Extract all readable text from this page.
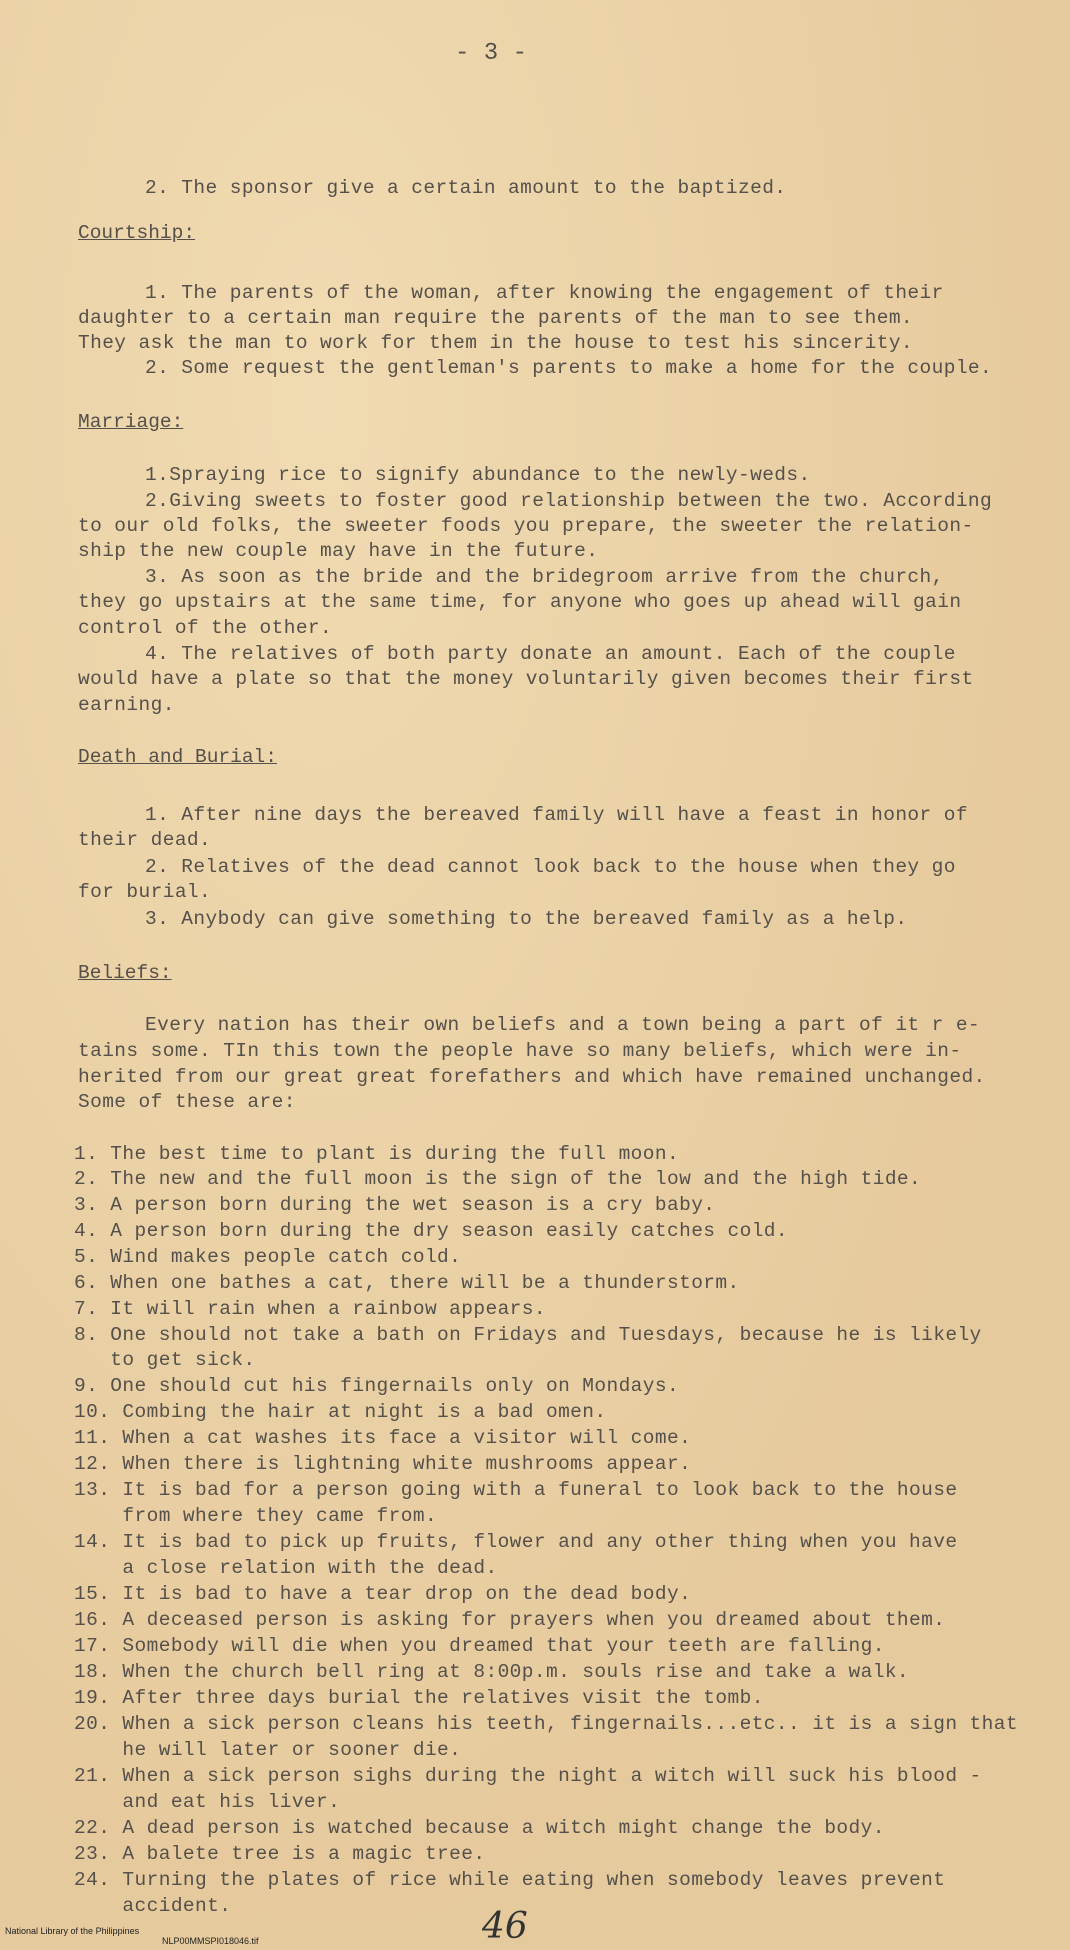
- 3 -
2. The sponsor give a certain amount to the baptized.
Courtship:
1. The parents of the woman, after knowing the engagement of their
daughter to a certain man require the parents of the man to see them.
They ask the man to work for them in the house to test his sincerity.
2. Some request the gentleman's parents to make a home for the couple.
Marriage:
1.Spraying rice to signify abundance to the newly-weds.
2.Giving sweets to foster good relationship between the two. According
to our old folks, the sweeter foods you prepare, the sweeter the relation-
ship the new couple may have in the future.
3. As soon as the bride and the bridegroom arrive from the church,
they go upstairs at the same time, for anyone who goes up ahead will gain
control of the other.
4. The relatives of both party donate an amount. Each of the couple
would have a plate so that the money voluntarily given becomes their first
earning.
Death and Burial:
1. After nine days the bereaved family will have a feast in honor of
their dead.
2. Relatives of the dead cannot look back to the house when they go
for burial.
3. Anybody can give something to the bereaved family as a help.
Beliefs:
Every nation has their own beliefs and a town being a part of it r e-
tains some. TIn this town the people have so many beliefs, which were in-
herited from our great great forefathers and which have remained unchanged.
Some of these are:
1. The best time to plant is during the full moon.
2. The new and the full moon is the sign of the low and the high tide.
3. A person born during the wet season is a cry baby.
4. A person born during the dry season easily catches cold.
5. Wind makes people catch cold.
6. When one bathes a cat, there will be a thunderstorm.
7. It will rain when a rainbow appears.
8. One should not take a bath on Fridays and Tuesdays, because he is likely
to get sick.
9. One should cut his fingernails only on Mondays.
10. Combing the hair at night is a bad omen.
11. When a cat washes its face a visitor will come.
12. When there is lightning white mushrooms appear.
13. It is bad for a person going with a funeral to look back to the house
from where they came from.
14. It is bad to pick up fruits, flower and any other thing when you have
a close relation with the dead.
15. It is bad to have a tear drop on the dead body.
16. A deceased person is asking for prayers when you dreamed about them.
17. Somebody will die when you dreamed that your teeth are falling.
18. When the church bell ring at 8:00p.m. souls rise and take a walk.
19. After three days burial the relatives visit the tomb.
20. When a sick person cleans his teeth, fingernails...etc.. it is a sign that
he will later or sooner die.
21. When a sick person sighs during the night a witch will suck his blood -
and eat his liver.
22. A dead person is watched because a witch might change the body.
23. A balete tree is a magic tree.
24. Turning the plates of rice while eating when somebody leaves prevent
accident.	46

National Library of the Philippines

NLP00MMSPI018046.tif
